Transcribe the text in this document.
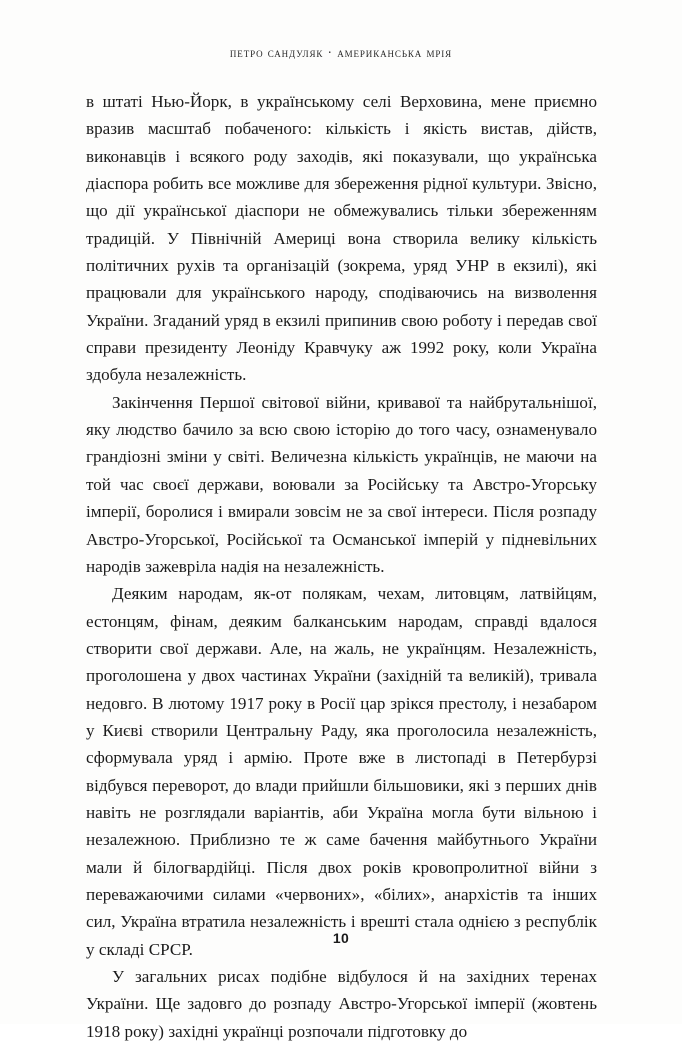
петро сандуляк · американська мрія

в штаті Нью-Йорк, в українському селі Верховина, мене приємно вразив масштаб побаченого: кількість і якість вистав, дійств, виконавців і всякого роду заходів, які показували, що українська діаспора робить все можливе для збереження рідної культури. Звісно, що дії української діаспори не обмежувались тільки збереженням традицій. У Північній Америці вона створила велику кількість політичних рухів та організацій (зокрема, уряд УНР в екзилі), які працювали для українського народу, сподіваючись на визволення України. Згаданий уряд в екзилі припинив свою роботу і передав свої справи президенту Леоніду Кравчуку аж 1992 року, коли Україна здобула незалежність.

Закінчення Першої світової війни, кривавої та найбрутальнішої, яку людство бачило за всю свою історію до того часу, ознаменувало грандіозні зміни у світі. Величезна кількість українців, не маючи на той час своєї держави, воювали за Російську та Австро-Угорську імперії, боролися і вмирали зовсім не за свої інтереси. Після розпаду Австро-Угорської, Російської та Османської імперій у підневільних народів зажевріла надія на незалежність.

Деяким народам, як-от полякам, чехам, литовцям, латвійцям, естонцям, фінам, деяким балканським народам, справді вдалося створити свої держави. Але, на жаль, не українцям. Незалежність, проголошена у двох частинах України (західній та великій), тривала недовго. В лютому 1917 року в Росії цар зрікся престолу, і незабаром у Києві створили Центральну Раду, яка проголосила незалежність, сформувала уряд і армію. Проте вже в листопаді в Петербурзі відбувся переворот, до влади прийшли більшовики, які з перших днів навіть не розглядали варіантів, аби Україна могла бути вільною і незалежною. Приблизно те ж саме бачення майбутнього України мали й білогвардійці. Після двох років кровопролитної війни з переважаючими силами «червоних», «білих», анархістів та інших сил, Україна втратила незалежність і врешті стала однією з республік у складі СРСР.

У загальних рисах подібне відбулося й на західних теренах України. Ще задовго до розпаду Австро-Угорської імперії (жовтень 1918 року) західні українці розпочали підготовку до

10
